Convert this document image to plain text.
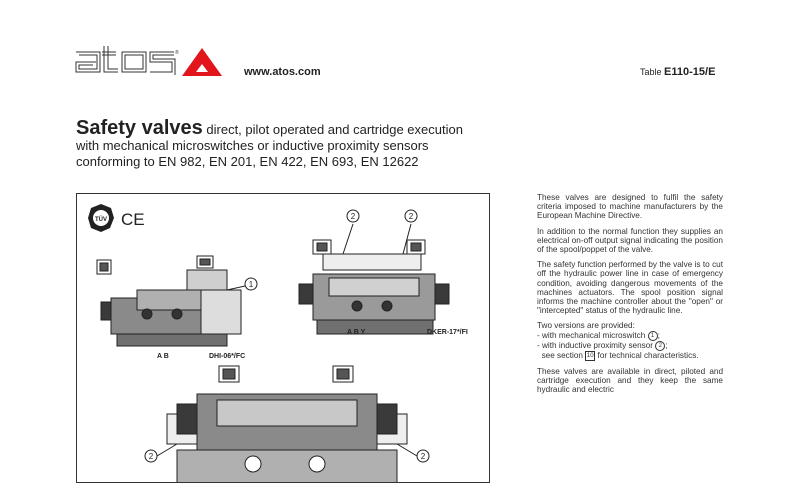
®
www.atos.com	Table E110-15/E
Safety valves direct, pilot operated and cartridge execution
with mechanical microswitches or inductive proximity sensors
conforming to EN 982, EN 201, EN 422, EN 693, EN 12622
TÜV CE
1
A B	DHI-06*/FC
2	2
A B Y	DKER-17*/FI
2	2

These valves are designed to fulfil the safety criteria imposed to machine manufacturers by the European Machine Directive.

In addition to the normal function they supplies an electrical on-off output signal indicating the position of the spool/poppet of the valve.

The safety function performed by the valve is to cut off the hydraulic power line in case of emergency condition, avoiding dangerous movements of the machines actuators. The spool position signal informs the machine controller about the "open" or "intercepted" status of the hydraulic line.

Two versions are provided:
- with mechanical microswitch 1 ;
- with inductive proximity sensor 2 ;
see section 10 for technical characteristics.

These valves are available in direct, piloted and cartridge execution and they keep the same hydraulic and electric
